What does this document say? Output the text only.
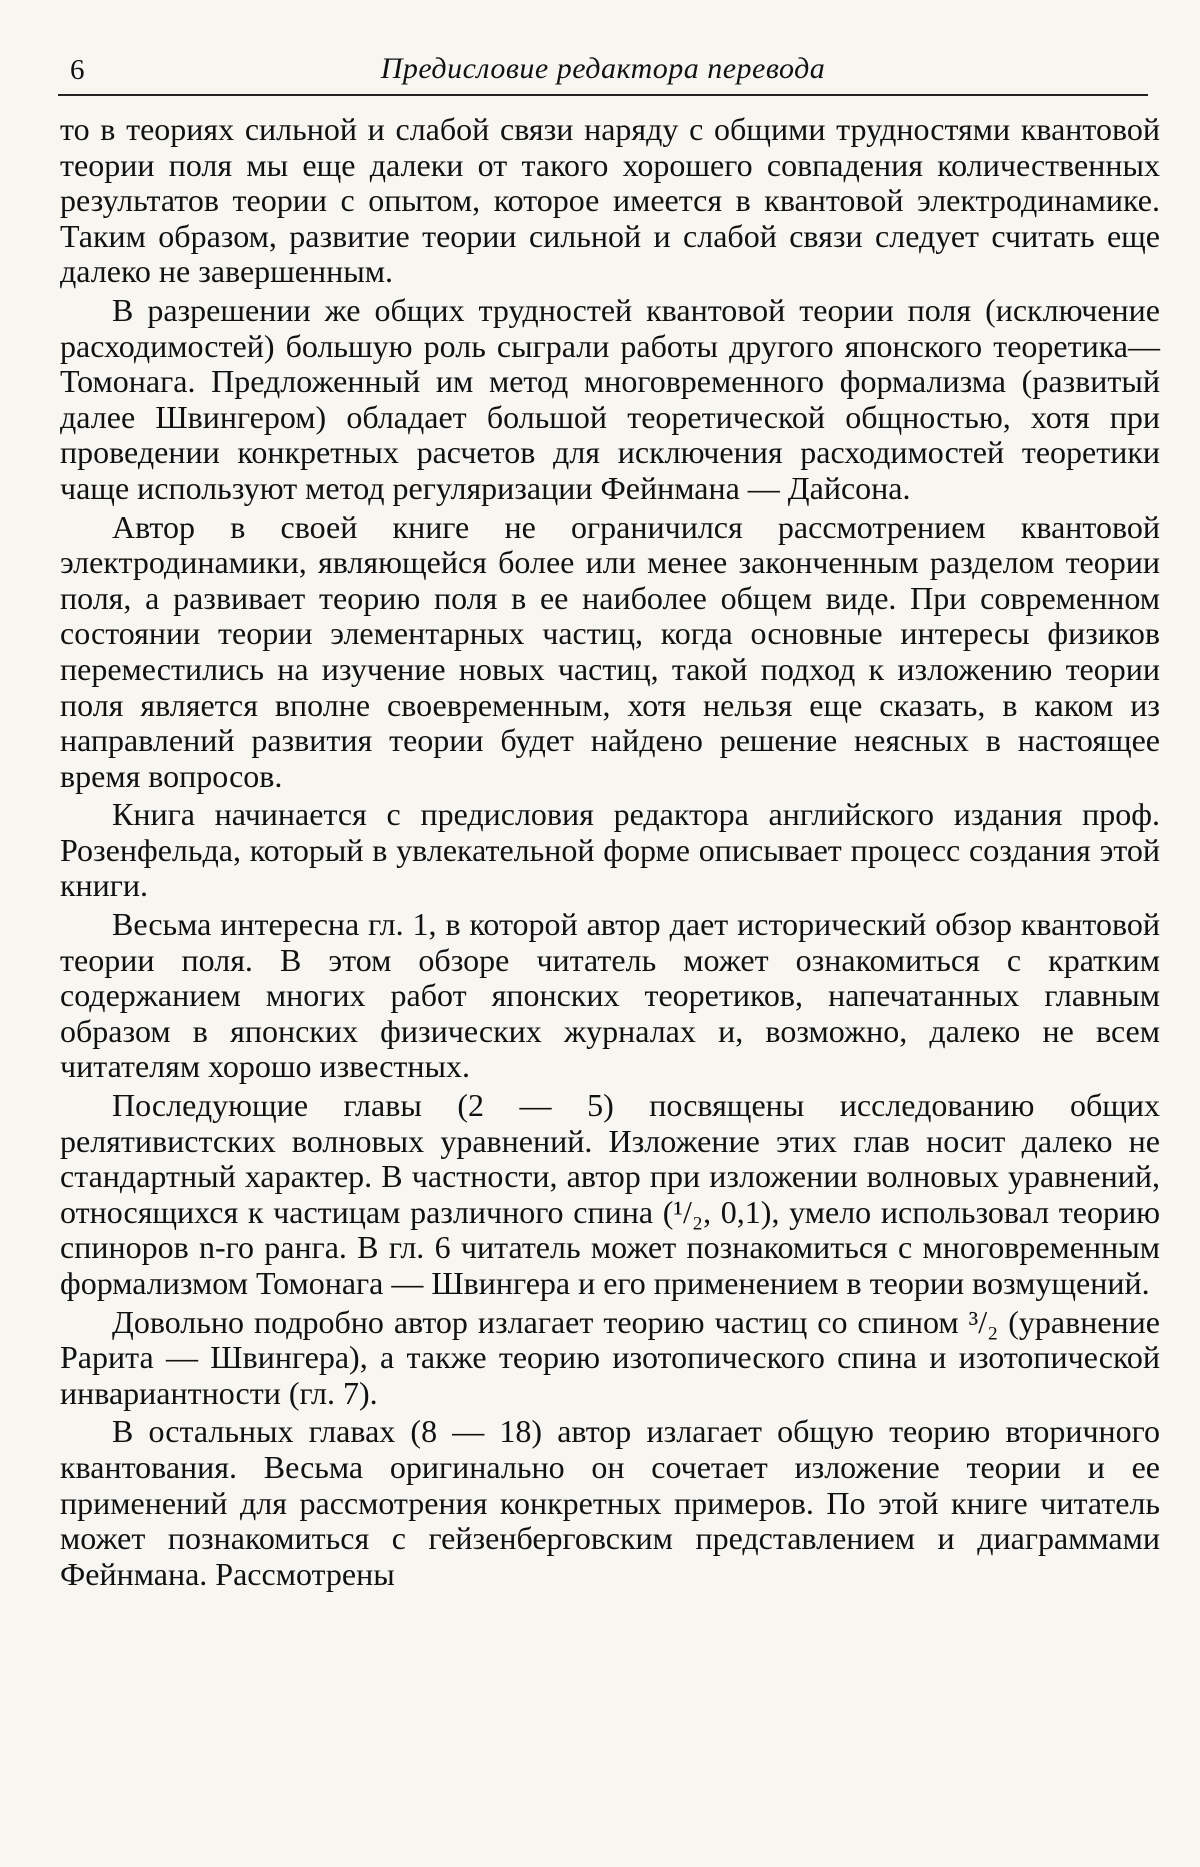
6	Предисловие редактора перевода

то в теориях сильной и слабой связи наряду с общими трудностями квантовой теории поля мы еще далеки от такого хорошего совпадения количественных результатов теории с опытом, которое имеется в квантовой электродинамике. Таким образом, развитие теории сильной и слабой связи следует считать еще далеко не завершенным.

В разрешении же общих трудностей квантовой теории поля (исключение расходимостей) большую роль сыграли работы другого японского теоретика—Томонага. Предложенный им метод многовременного формализма (развитый далее Швингером) обладает большой теоретической общностью, хотя при проведении конкретных расчетов для исключения расходимостей теоретики чаще используют метод регуляризации Фейнмана — Дайсона.

Автор в своей книге не ограничился рассмотрением квантовой электродинамики, являющейся более или менее законченным разделом теории поля, а развивает теорию поля в ее наиболее общем виде. При современном состоянии теории элементарных частиц, когда основные интересы физиков переместились на изучение новых частиц, такой подход к изложению теории поля является вполне своевременным, хотя нельзя еще сказать, в каком из направлений развития теории будет найдено решение неясных в настоящее время вопросов.

Книга начинается с предисловия редактора английского издания проф. Розенфельда, который в увлекательной форме описывает процесс создания этой книги.

Весьма интересна гл. 1, в которой автор дает исторический обзор квантовой теории поля. В этом обзоре читатель может ознакомиться с кратким содержанием многих работ японских теоретиков, напечатанных главным образом в японских физических журналах и, возможно, далеко не всем читателям хорошо известных.

Последующие главы (2 — 5) посвящены исследованию общих релятивистских волновых уравнений. Изложение этих глав носит далеко не стандартный характер. В частности, автор при изложении волновых уравнений, относящихся к частицам различного спина (¹/₂, 0,1), умело использовал теорию спиноров n-го ранга. В гл. 6 читатель может познакомиться с многовременным формализмом Томонага — Швингера и его применением в теории возмущений.

Довольно подробно автор излагает теорию частиц со спином ³/₂ (уравнение Рарита — Швингера), а также теорию изотопического спина и изотопической инвариантности (гл. 7).

В остальных главах (8 — 18) автор излагает общую теорию вторичного квантования. Весьма оригинально он сочетает изложение теории и ее применений для рассмотрения конкретных примеров. По этой книге читатель может познакомиться с гейзенберговским представлением и диаграммами Фейнмана. Рассмотрены
